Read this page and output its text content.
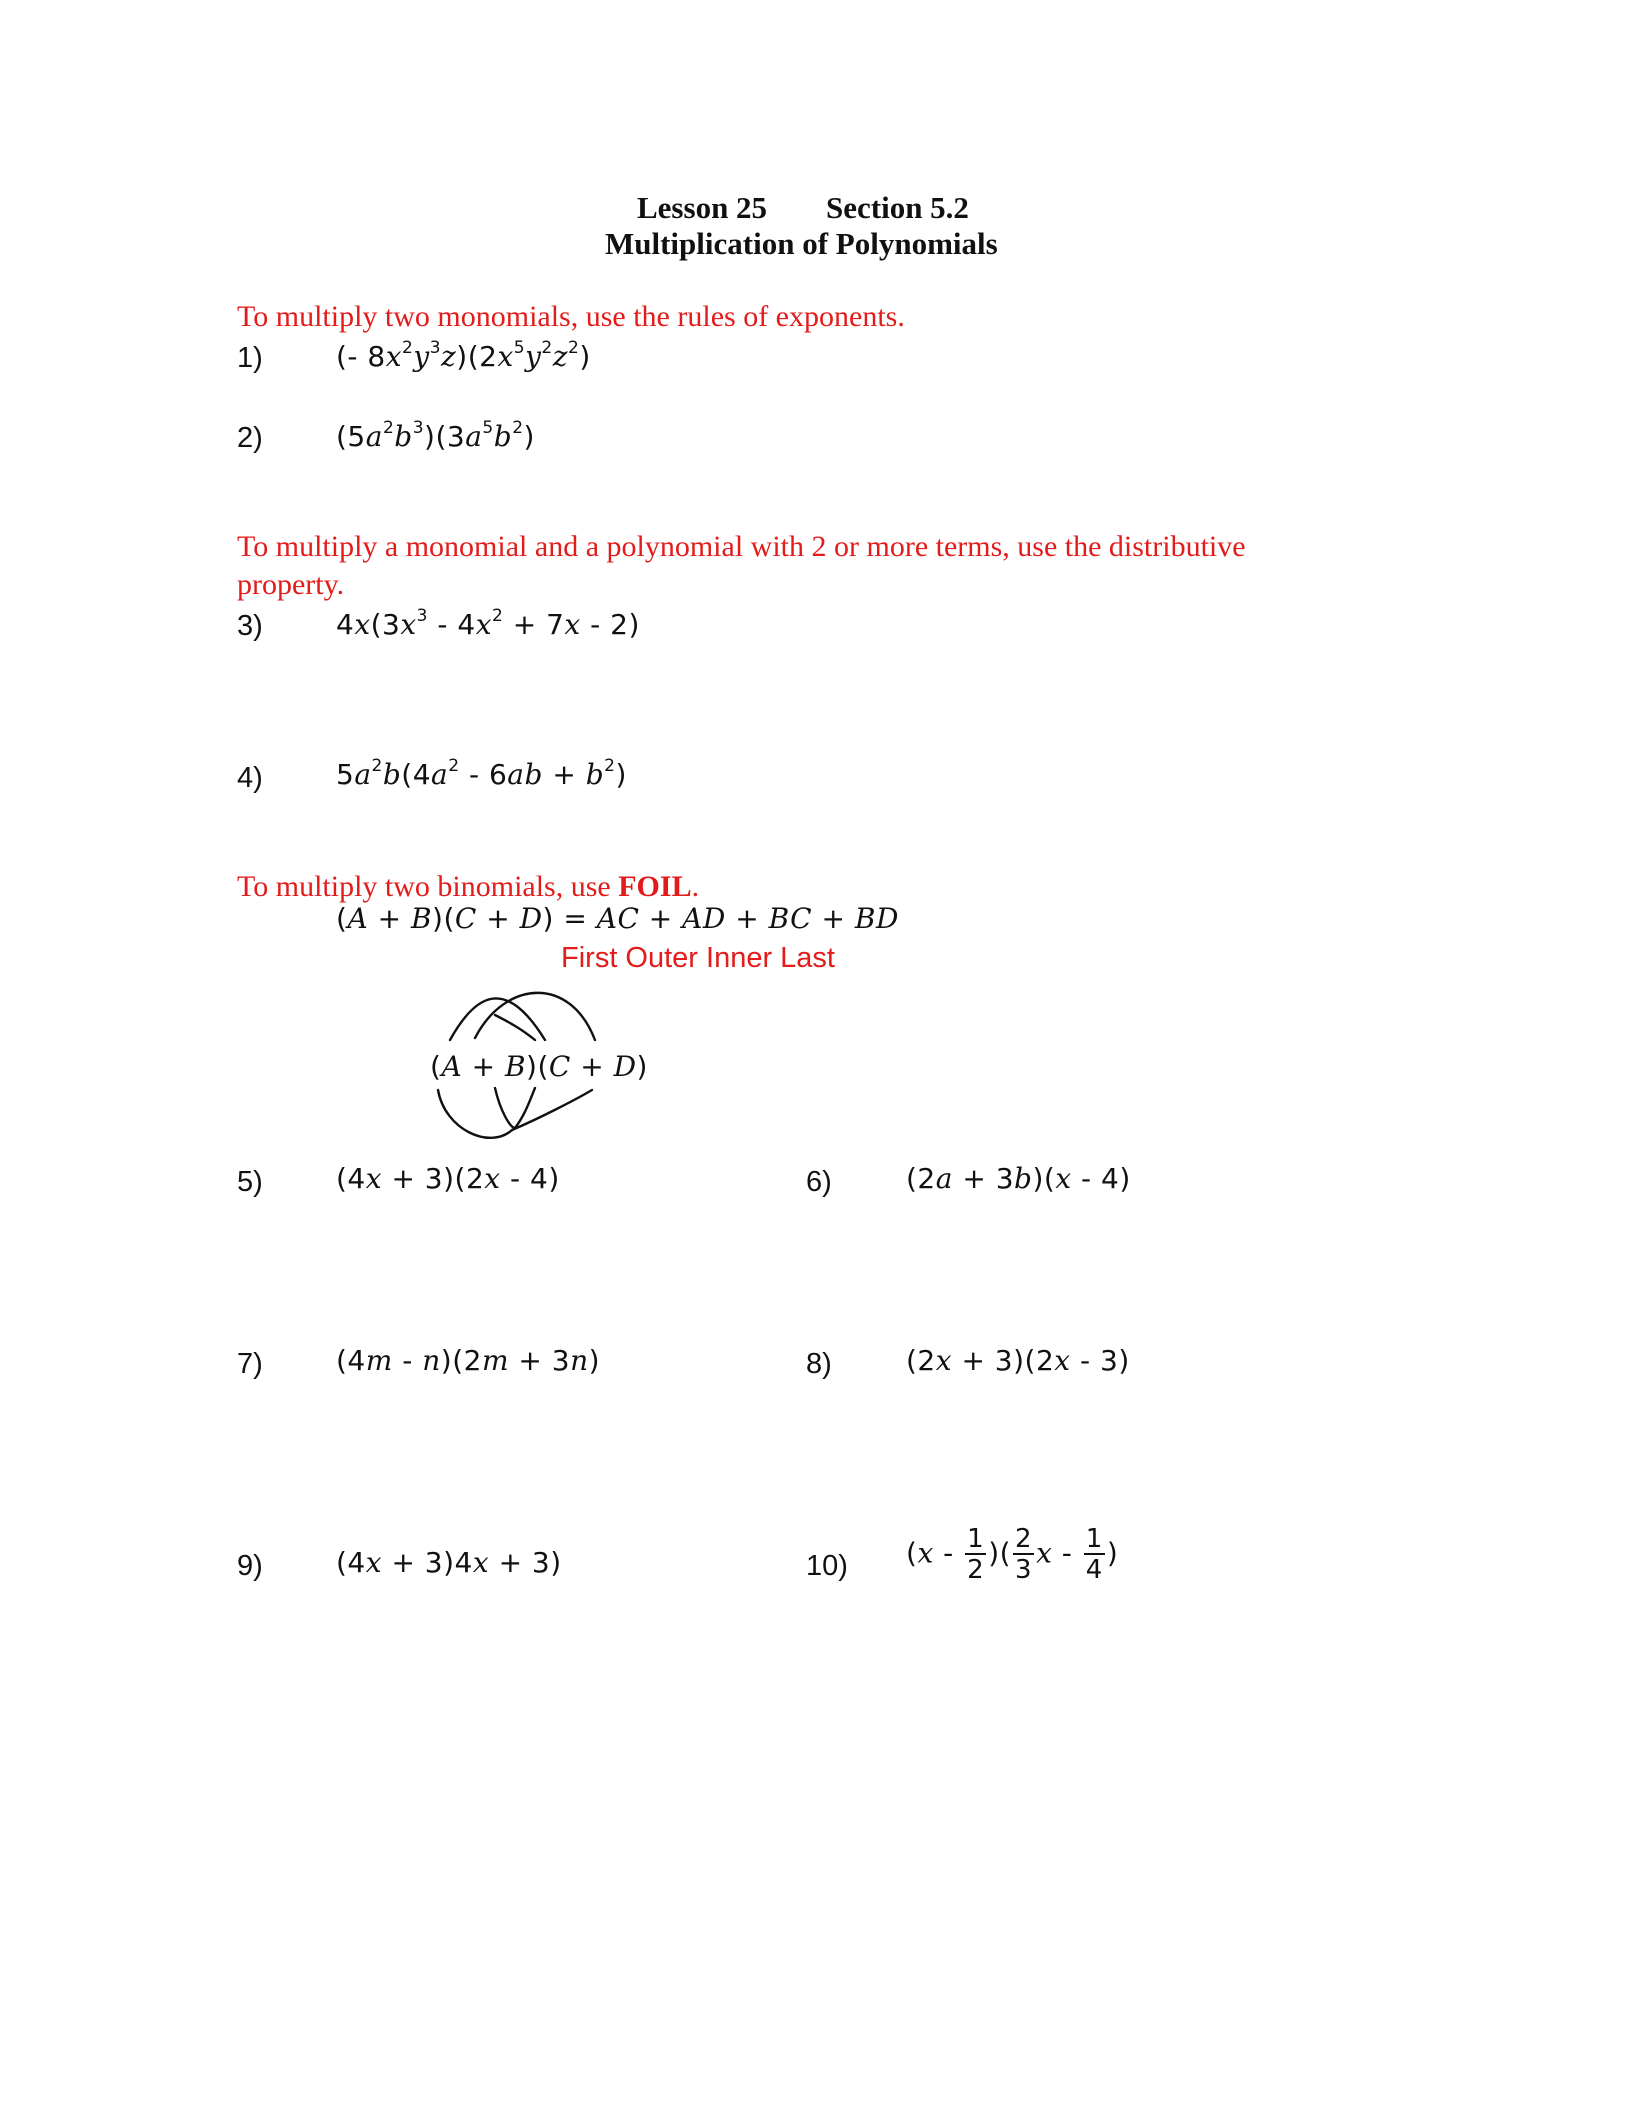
Lesson 25 Section 5.2
Multiplication of Polynomials
To multiply two monomials, use the rules of exponents.
1)	(- $8x^2y^3z)(2x^5y^2z^2)$
2)	$(5a^2b^3)(3a^5b^2)$
To multiply a monomial and a polynomial with 2 or more terms, use the distributive
property.
3)	$4x(3x^3 - 4x^2 + 7x - 2)$
4)	$5a^2b(4a^2 - 6ab + b^2)$
To multiply two binomials, use FOIL.
(A + B)(C + D) = AC + AD + BC + BD
First Outer Inner Last
(A + B)(C + D)
5)	(4x + 3)(2x - 4)	6)	(2a + 3b)(x - 4)
7)	(4m - n)(2m + 3n)	8)	(2x + 3)(2x - 3)
9)	(4x + 3)4x + 3)	10) ($x - \frac{1}{2}$ )( $\frac{2}{3}$ x - $\frac{1}{4}$ )
